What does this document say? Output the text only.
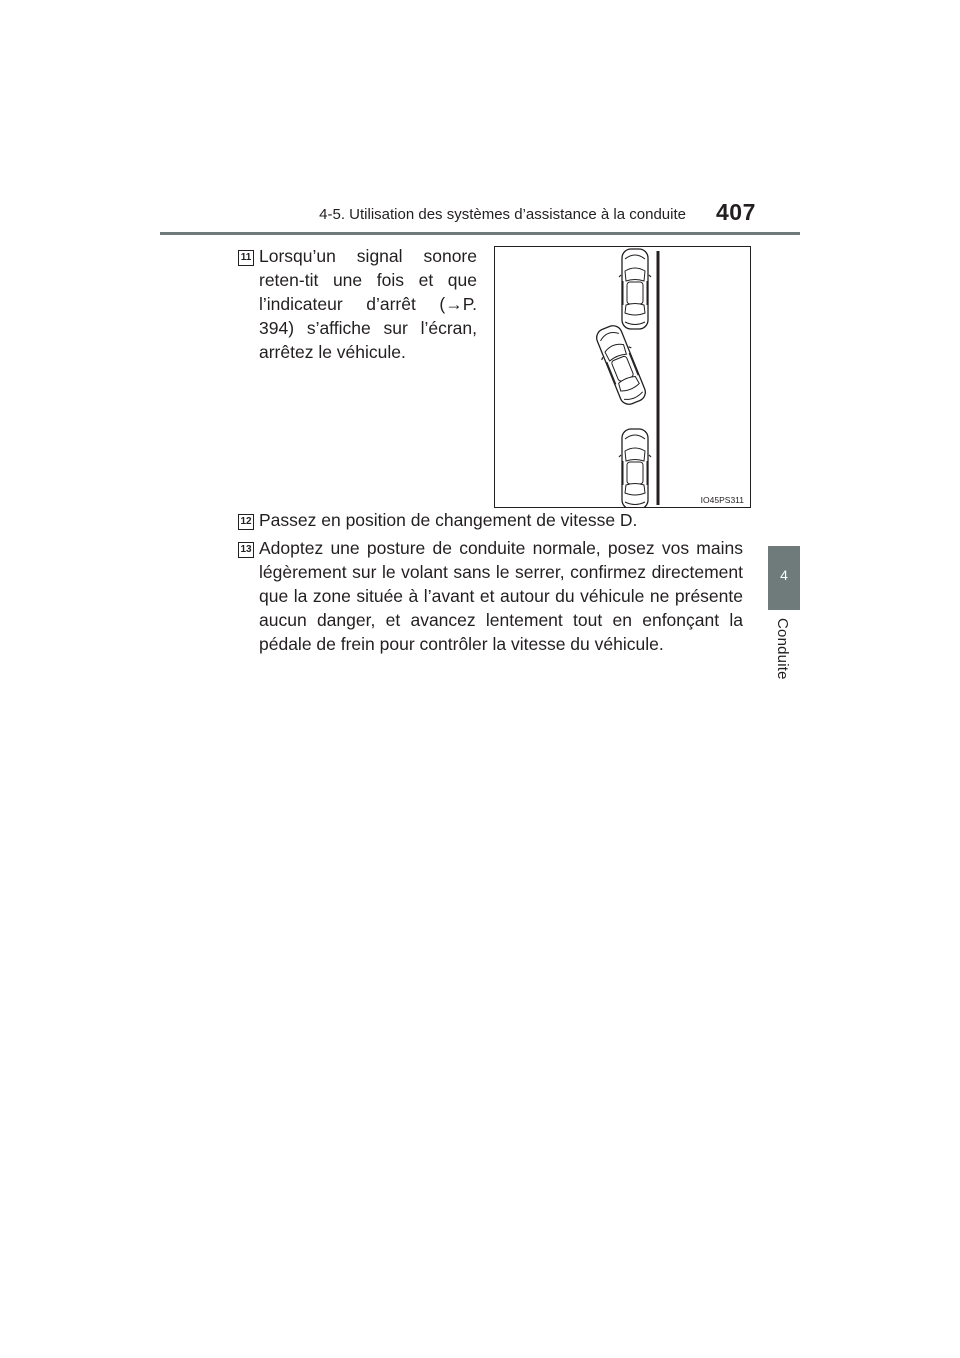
4-5. Utilisation des systèmes d’assistance à la conduite 407
4
Conduite
11 Lorsqu’un signal sonore reten-tit une fois et que l’indicateur d’arrêt (→P. 394) s’affiche sur l’écran, arrêtez le véhicule.
IO45PS311
12 Passez en position de changement de vitesse D.
13 Adoptez une posture de conduite normale, posez vos mains légèrement sur le volant sans le serrer, confirmez directement que la zone située à l’avant et autour du véhicule ne présente aucun danger, et avancez lentement tout en enfonçant la pédale de frein pour contrôler la vitesse du véhicule.
